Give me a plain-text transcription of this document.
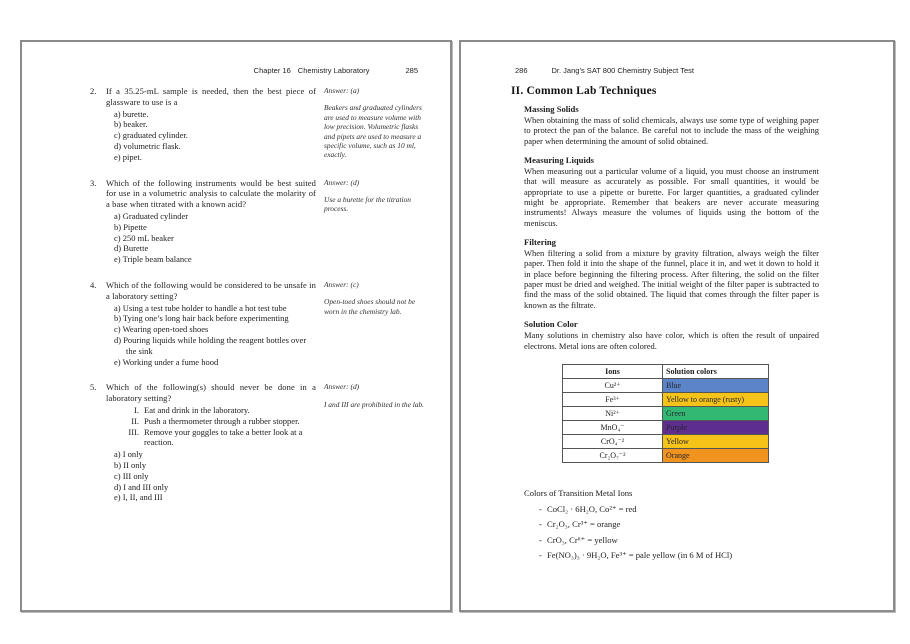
Chapter 16 Chemistry Laboratory	285
2.	If a 35.25-mL sample is needed, then the best piece of glassware to use is a
a) burette.
b) beaker.
c) graduated cylinder.
d) volumetric flask.
e) pipet.
Answer: (a)
Beakers and graduated cylinders are used to measure volume with low precision. Volumetric flasks and pipets are used to measure a specific volume, such as 10 ml, exactly.
3.	Which of the following instruments would be best suited for use in a volumetric analysis to calculate the molarity of a base when titrated with a known acid?
a) Graduated cylinder
b) Pipette
c) 250 mL beaker
d) Burette
e) Triple beam balance
Answer: (d)
Use a burette for the titration process.
4.	Which of the following would be considered to be unsafe in a laboratory setting?
a) Using a test tube holder to handle a hot test tube
b) Tying one’s long hair back before experimenting
c) Wearing open-toed shoes
d) Pouring liquids while holding the reagent bottles over the sink
e) Working under a fume hood
Answer: (c)
Open-toed shoes should not be worn in the chemistry lab.
5.	Which of the following(s) should never be done in a laboratory setting?
I. Eat and drink in the laboratory.
II. Push a thermometer through a rubber stopper.
III. Remove your goggles to take a better look at a reaction.
a) I only
b) II only
c) III only
d) I and III only
e) I, II, and III
Answer: (d)
I and III are prohibited in the lab.
286	Dr. Jang’s SAT 800 Chemistry Subject Test
II. Common Lab Techniques
Massing Solids
When obtaining the mass of solid chemicals, always use some type of weighing paper to protect the pan of the balance. Be careful not to include the mass of the weighing paper when determining the amount of solid obtained.
Measuring Liquids
When measuring out a particular volume of a liquid, you must choose an instrument that will measure as accurately as possible. For small quantities, it would be appropriate to use a pipette or burette. For larger quantities, a graduated cylinder might be appropriate. Remember that beakers are never accurate measuring instruments! Always measure the volumes of liquids using the bottom of the meniscus.
Filtering
When filtering a solid from a mixture by gravity filtration, always weigh the filter paper. Then fold it into the shape of the funnel, place it in, and wet it down to hold it in place before beginning the filtering process. After filtering, the solid on the filter paper must be dried and weighed. The initial weight of the filter paper is subtracted to find the mass of the solid obtained. The liquid that comes through the filter paper is known as the filtrate.
Solution Color
Many solutions in chemistry also have color, which is often the result of unpaired electrons. Metal ions are often colored.
Ions	Solution colors
Cu²⁺	Blue
Fe³⁺	Yellow to orange (rusty)
Ni²⁺	Green
MnO₄⁻	Purple
CrO₄⁻²	Yellow
Cr₂O₇⁻²	Orange
Colors of Transition Metal Ions
- CoCl₂ · 6H₂O, Co²⁺ = red
- Cr₂O₃, Cr³⁺ = orange
- CrO₃, Cr⁶⁺ = yellow
- Fe(NO₃)₃ · 9H₂O, Fe³⁺ = pale yellow (in 6 M of HCl)
